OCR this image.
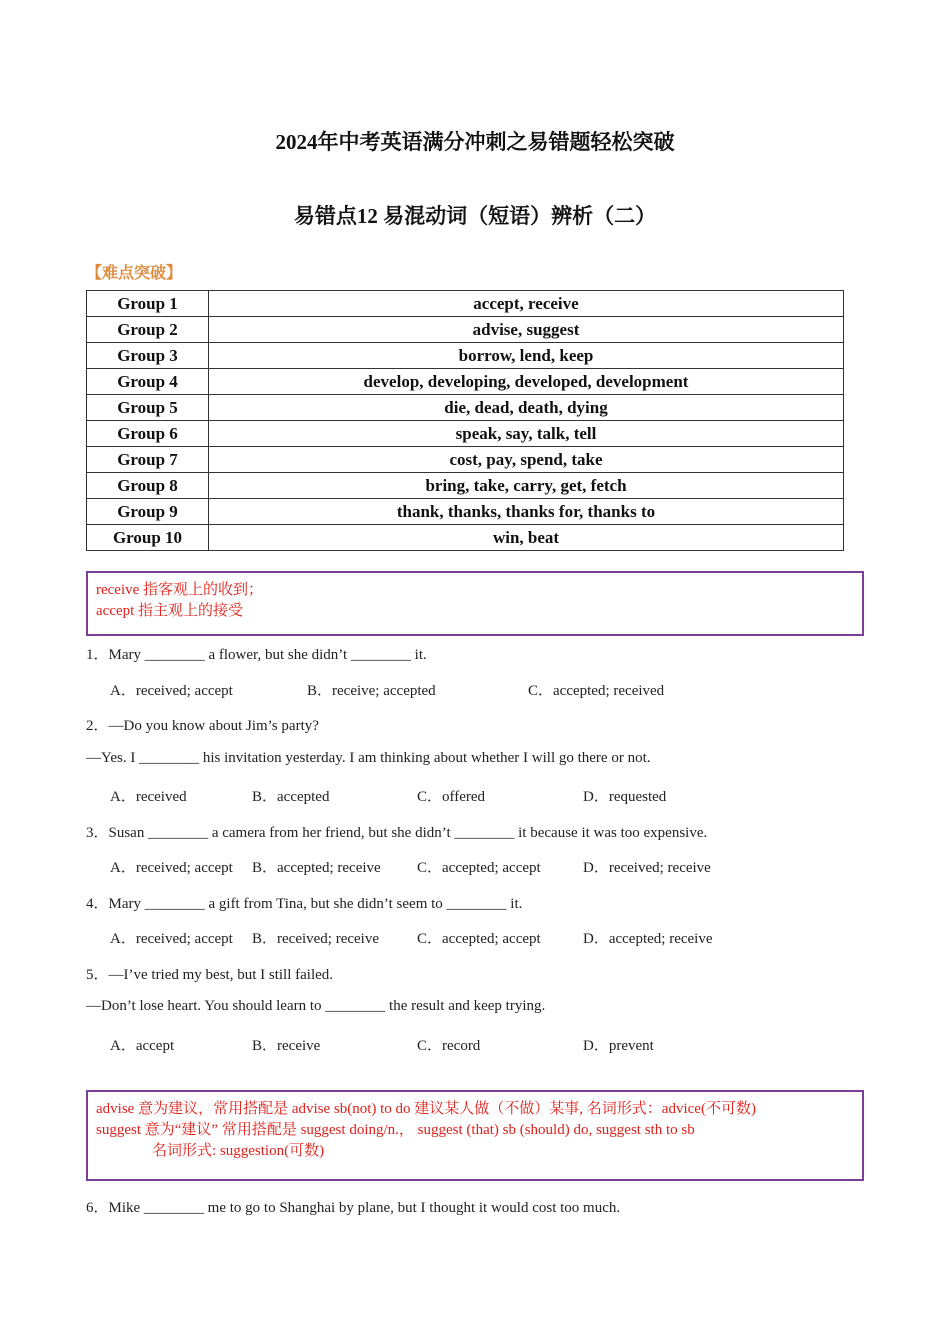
2024年中考英语满分冲刺之易错题轻松突破
易错点12 易混动词（短语）辨析（二）
【难点突破】
Group 1	accept, receive
Group 2	advise, suggest
Group 3	borrow, lend, keep
Group 4	develop, developing, developed, development
Group 5	die, dead, death, dying
Group 6	speak, say, talk, tell
Group 7	cost, pay, spend, take
Group 8	bring, take, carry, get, fetch
Group 9	thank, thanks, thanks for, thanks to
Group 10	win, beat
receive 指客观上的收到；
accept 指主观上的接受
1．Mary ________ a flower, but she didn’t ________ it.
A．received; accept	B．receive; accepted	C．accepted; received
2．—Do you know about Jim’s party?
—Yes. I ________ his invitation yesterday. I am thinking about whether I will go there or not.
A．received	B．accepted	C．offered	D．requested
3．Susan ________ a camera from her friend, but she didn’t ________ it because it was too expensive.
A．received; accept B．accepted; receive C．accepted; accept	D．received; receive
4．Mary ________ a gift from Tina, but she didn’t seem to ________ it.
A．received; accept B．received; receive	C．accepted; accept	D．accepted; receive
5．—I’ve tried my best, but I still failed.
—Don’t lose heart. You should learn to ________ the result and keep trying.
A．accept	B．receive	C．record	D．prevent
advise 意为建议，常用搭配是 advise sb(not) to do 建议某人做（不做）某事, 名词形式：advice(不可数)
suggest 意为“建议” 常用搭配是 suggest doing/n.， suggest (that) sb (should) do, suggest sth to sb
名词形式: suggestion(可数)
6．Mike ________ me to go to Shanghai by plane, but I thought it would cost too much.
